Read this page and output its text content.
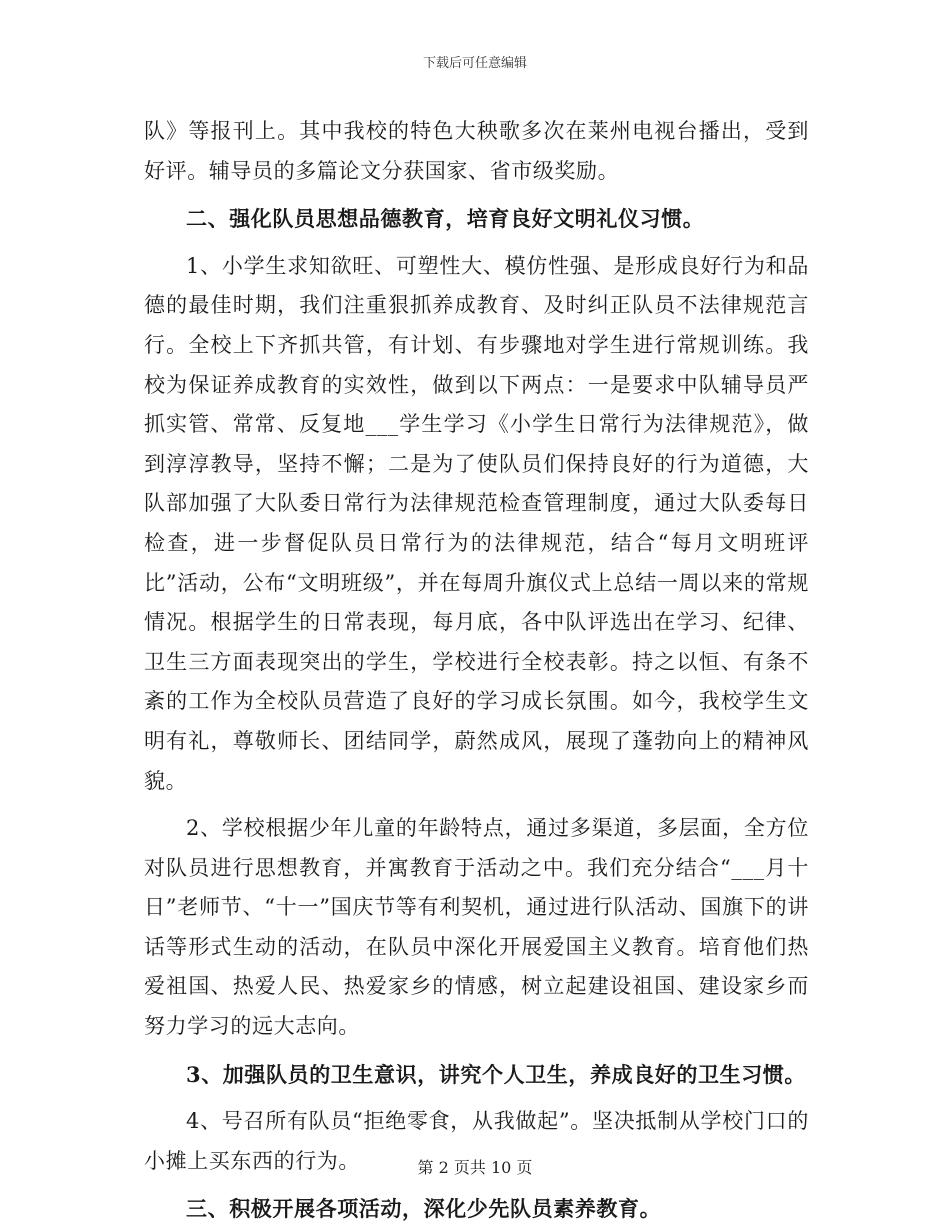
下载后可任意编辑

队》等报刊上。其中我校的特色大秧歌多次在莱州电视台播出，受到好评。辅导员的多篇论文分获国家、省市级奖励。

二、强化队员思想品德教育，培育良好文明礼仪习惯。

1、小学生求知欲旺、可塑性大、模仿性强、是形成良好行为和品德的最佳时期，我们注重狠抓养成教育、及时纠正队员不法律规范言行。全校上下齐抓共管，有计划、有步骤地对学生进行常规训练。我校为保证养成教育的实效性，做到以下两点：一是要求中队辅导员严抓实管、常常、反复地___学生学习《小学生日常行为法律规范》，做到淳淳教导，坚持不懈；二是为了使队员们保持良好的行为道德，大队部加强了大队委日常行为法律规范检查管理制度，通过大队委每日检查，进一步督促队员日常行为的法律规范，结合“每月文明班评比”活动，公布“文明班级”，并在每周升旗仪式上总结一周以来的常规情况。根据学生的日常表现，每月底，各中队评选出在学习、纪律、卫生三方面表现突出的学生，学校进行全校表彰。持之以恒、有条不紊的工作为全校队员营造了良好的学习成长氛围。如今，我校学生文明有礼，尊敬师长、团结同学，蔚然成风，展现了蓬勃向上的精神风貌。

2、学校根据少年儿童的年龄特点，通过多渠道，多层面，全方位对队员进行思想教育，并寓教育于活动之中。我们充分结合“___月十日”老师节、“十一”国庆节等有利契机，通过进行队活动、国旗下的讲话等形式生动的活动，在队员中深化开展爱国主义教育。培育他们热爱祖国、热爱人民、热爱家乡的情感，树立起建设祖国、建设家乡而努力学习的远大志向。

3、加强队员的卫生意识，讲究个人卫生，养成良好的卫生习惯。

4、号召所有队员“拒绝零食，从我做起”。坚决抵制从学校门口的小摊上买东西的行为。

三、积极开展各项活动，深化少先队员素养教育。

第 2 页共 10 页
